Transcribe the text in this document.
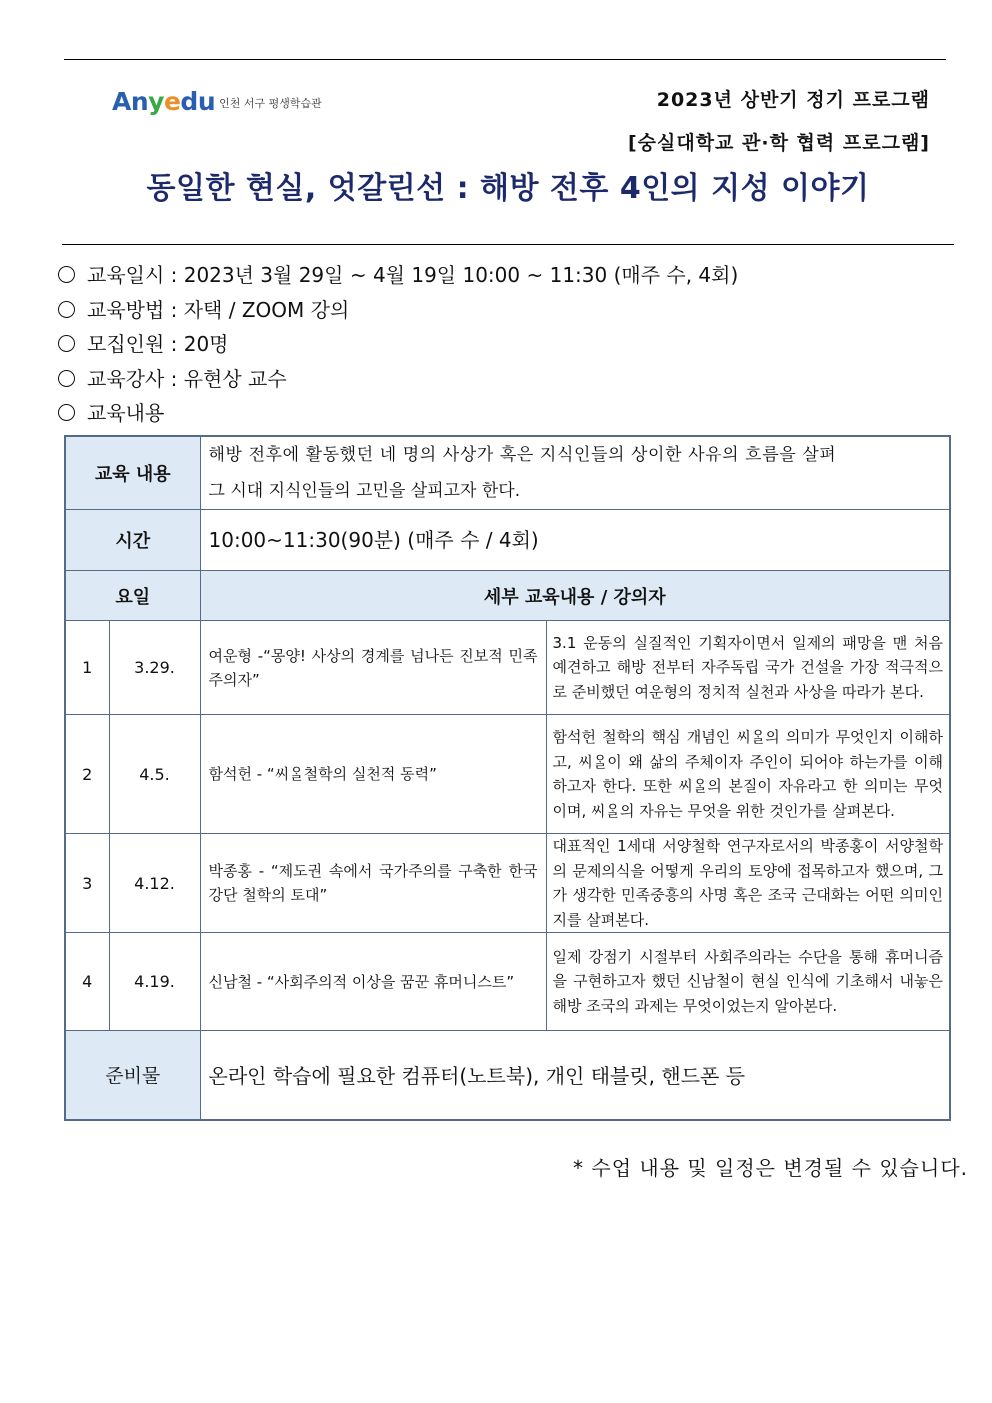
Anyedu 인천 서구 평생학습관	2023년 상반기 정기 프로그램
[숭실대학교 관·학 협력 프로그램]
동일한 현실, 엇갈린선 : 해방 전후 4인의 지성 이야기
교육일시 : 2023년 3월 29일 ~ 4월 19일 10:00 ~ 11:30 (매주 수, 4회)
교육방법 : 자택 / ZOOM 강의
모집인원 : 20명
교육강사 : 유현상 교수
교육내용
교육 내용		해방 전후에 활동했던 네 명의 사상가 혹은 지식인들의 상이한 사유의 흐름을 살펴
그 시대 지식인들의 고민을 살피고자 한다.	

시간		10:00~11:30(90분) (매주 수 / 4회)	
요일		세부 교육내용 / 강의자	
1	3.29.	여운형 -“몽양! 사상의 경계를 넘나든 진보적 민족주의자”	3.1 운동의 실질적인 기획자이면서 일제의 패망을 맨 처음 예견하고 해방 전부터 자주독립 국가 건설을 가장 적극적으로 준비했던 여운형의 정치적 실천과 사상을 따라가 본다.
2	4.5.	함석헌 - “씨ᄋᆞᆯ철학의 실천적 동력”	함석헌 철학의 핵심 개념인 씨ᄋᆞᆯ의 의미가 무엇인지 이해하고, 씨ᄋᆞᆯ이 왜 삶의 주체이자 주인이 되어야 하는가를 이해하고자 한다. 또한 씨ᄋᆞᆯ의 본질이 자유라고 한 의미는 무엇이며, 씨ᄋᆞᆯ의 자유는 무엇을 위한 것인가를 살펴본다.
3	4.12.	박종홍 - “제도권 속에서 국가주의를 구축한 한국 강단 철학의 토대”	대표적인 1세대 서양철학 연구자로서의 박종홍이 서양철학의 문제의식을 어떻게 우리의 토양에 접목하고자 했으며, 그가 생각한 민족중흥의 사명 혹은 조국 근대화는 어떤 의미인지를 살펴본다.
4	4.19.	신남철 - “사회주의적 이상을 꿈꾼 휴머니스트”	일제 강점기 시절부터 사회주의라는 수단을 통해 휴머니즘을 구현하고자 했던 신남철이 현실 인식에 기초해서 내놓은 해방 조국의 과제는 무엇이었는지 알아본다.
준비물		온라인 학습에 필요한 컴퓨터(노트북), 개인 태블릿, 핸드폰 등	
* 수업 내용 및 일정은 변경될 수 있습니다.
